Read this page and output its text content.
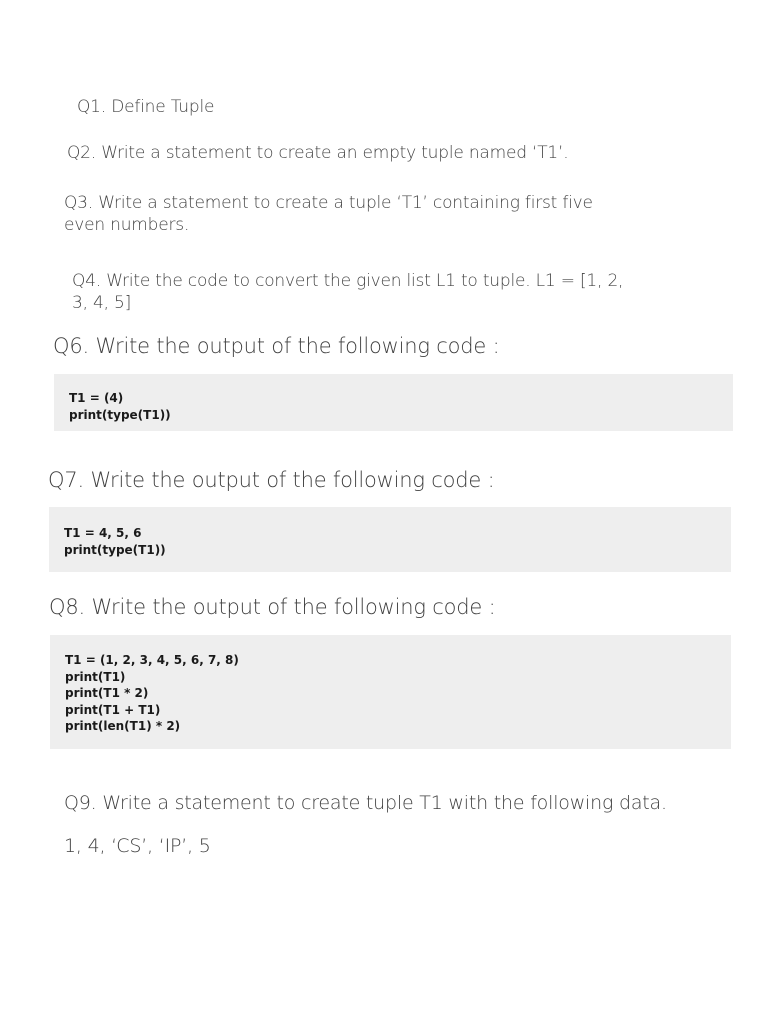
Q1. Define Tuple

Q2. Write a statement to create an empty tuple named ‘T1’.

Q3. Write a statement to create a tuple ‘T1’ containing first five
even numbers.
Q4. Write the code to convert the given list L1 to tuple. L1 = [1, 2,
3, 4, 5]

Q6. Write the output of the following code :

T1 = (4)
print(type(T1))

Q7. Write the output of the following code :

T1 = 4, 5, 6
print(type(T1))

Q8. Write the output of the following code :

T1 = (1, 2, 3, 4, 5, 6, 7, 8)
print(T1)
print(T1 * 2)
print(T1 + T1)
print(len(T1) * 2)

Q9. Write a statement to create tuple T1 with the following data.

1, 4, ‘CS’, ‘IP’, 5
